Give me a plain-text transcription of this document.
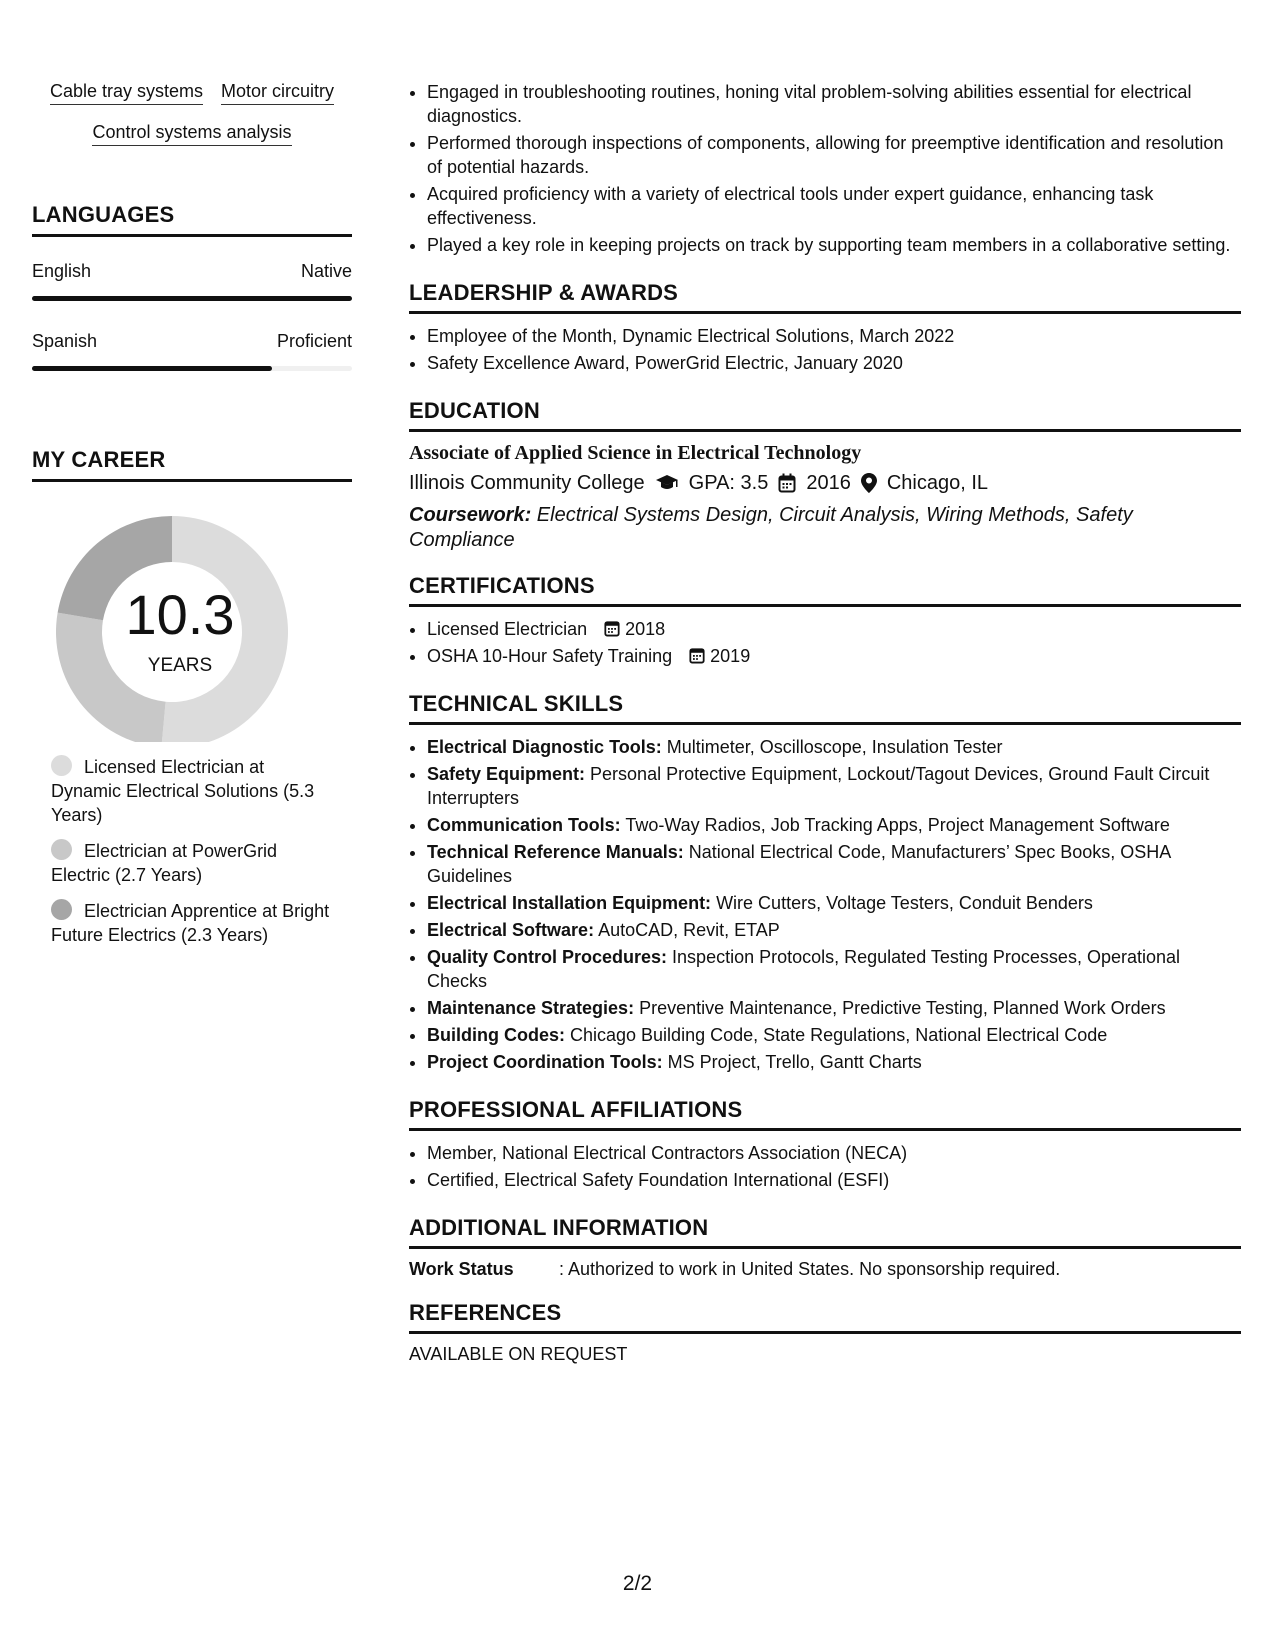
Cable tray systems Motor circuitry
Control systems analysis
LANGUAGES
English	Native
Spanish	Proficient
MY CAREER
10.3
YEARS
Licensed Electrician at Dynamic Electrical Solutions (5.3 Years)
Electrician at PowerGrid Electric (2.7 Years)
Electrician Apprentice at Bright Future Electrics (2.3 Years)
• Engaged in troubleshooting routines, honing vital problem-solving abilities essential for electrical diagnostics.
• Performed thorough inspections of components, allowing for preemptive identification and resolution of potential hazards.
• Acquired proficiency with a variety of electrical tools under expert guidance, enhancing task effectiveness.
• Played a key role in keeping projects on track by supporting team members in a collaborative setting.
LEADERSHIP & AWARDS
• Employee of the Month, Dynamic Electrical Solutions, March 2022
• Safety Excellence Award, PowerGrid Electric, January 2020
EDUCATION
Associate of Applied Science in Electrical Technology
Illinois Community College GPA: 3.5 2016 Chicago, IL
Coursework: Electrical Systems Design, Circuit Analysis, Wiring Methods, Safety Compliance
CERTIFICATIONS
• Licensed Electrician 2018
• OSHA 10-Hour Safety Training 2019
TECHNICAL SKILLS
• Electrical Diagnostic Tools: Multimeter, Oscilloscope, Insulation Tester
• Safety Equipment: Personal Protective Equipment, Lockout/Tagout Devices, Ground Fault Circuit Interrupters
• Communication Tools: Two-Way Radios, Job Tracking Apps, Project Management Software
• Technical Reference Manuals: National Electrical Code, Manufacturers’ Spec Books, OSHA Guidelines
• Electrical Installation Equipment: Wire Cutters, Voltage Testers, Conduit Benders
• Electrical Software: AutoCAD, Revit, ETAP
• Quality Control Procedures: Inspection Protocols, Regulated Testing Processes, Operational Checks
• Maintenance Strategies: Preventive Maintenance, Predictive Testing, Planned Work Orders
• Building Codes: Chicago Building Code, State Regulations, National Electrical Code
• Project Coordination Tools: MS Project, Trello, Gantt Charts
PROFESSIONAL AFFILIATIONS
• Member, National Electrical Contractors Association (NECA)
• Certified, Electrical Safety Foundation International (ESFI)
ADDITIONAL INFORMATION
Work Status	: Authorized to work in United States. No sponsorship required.
REFERENCES
AVAILABLE ON REQUEST
2/2
